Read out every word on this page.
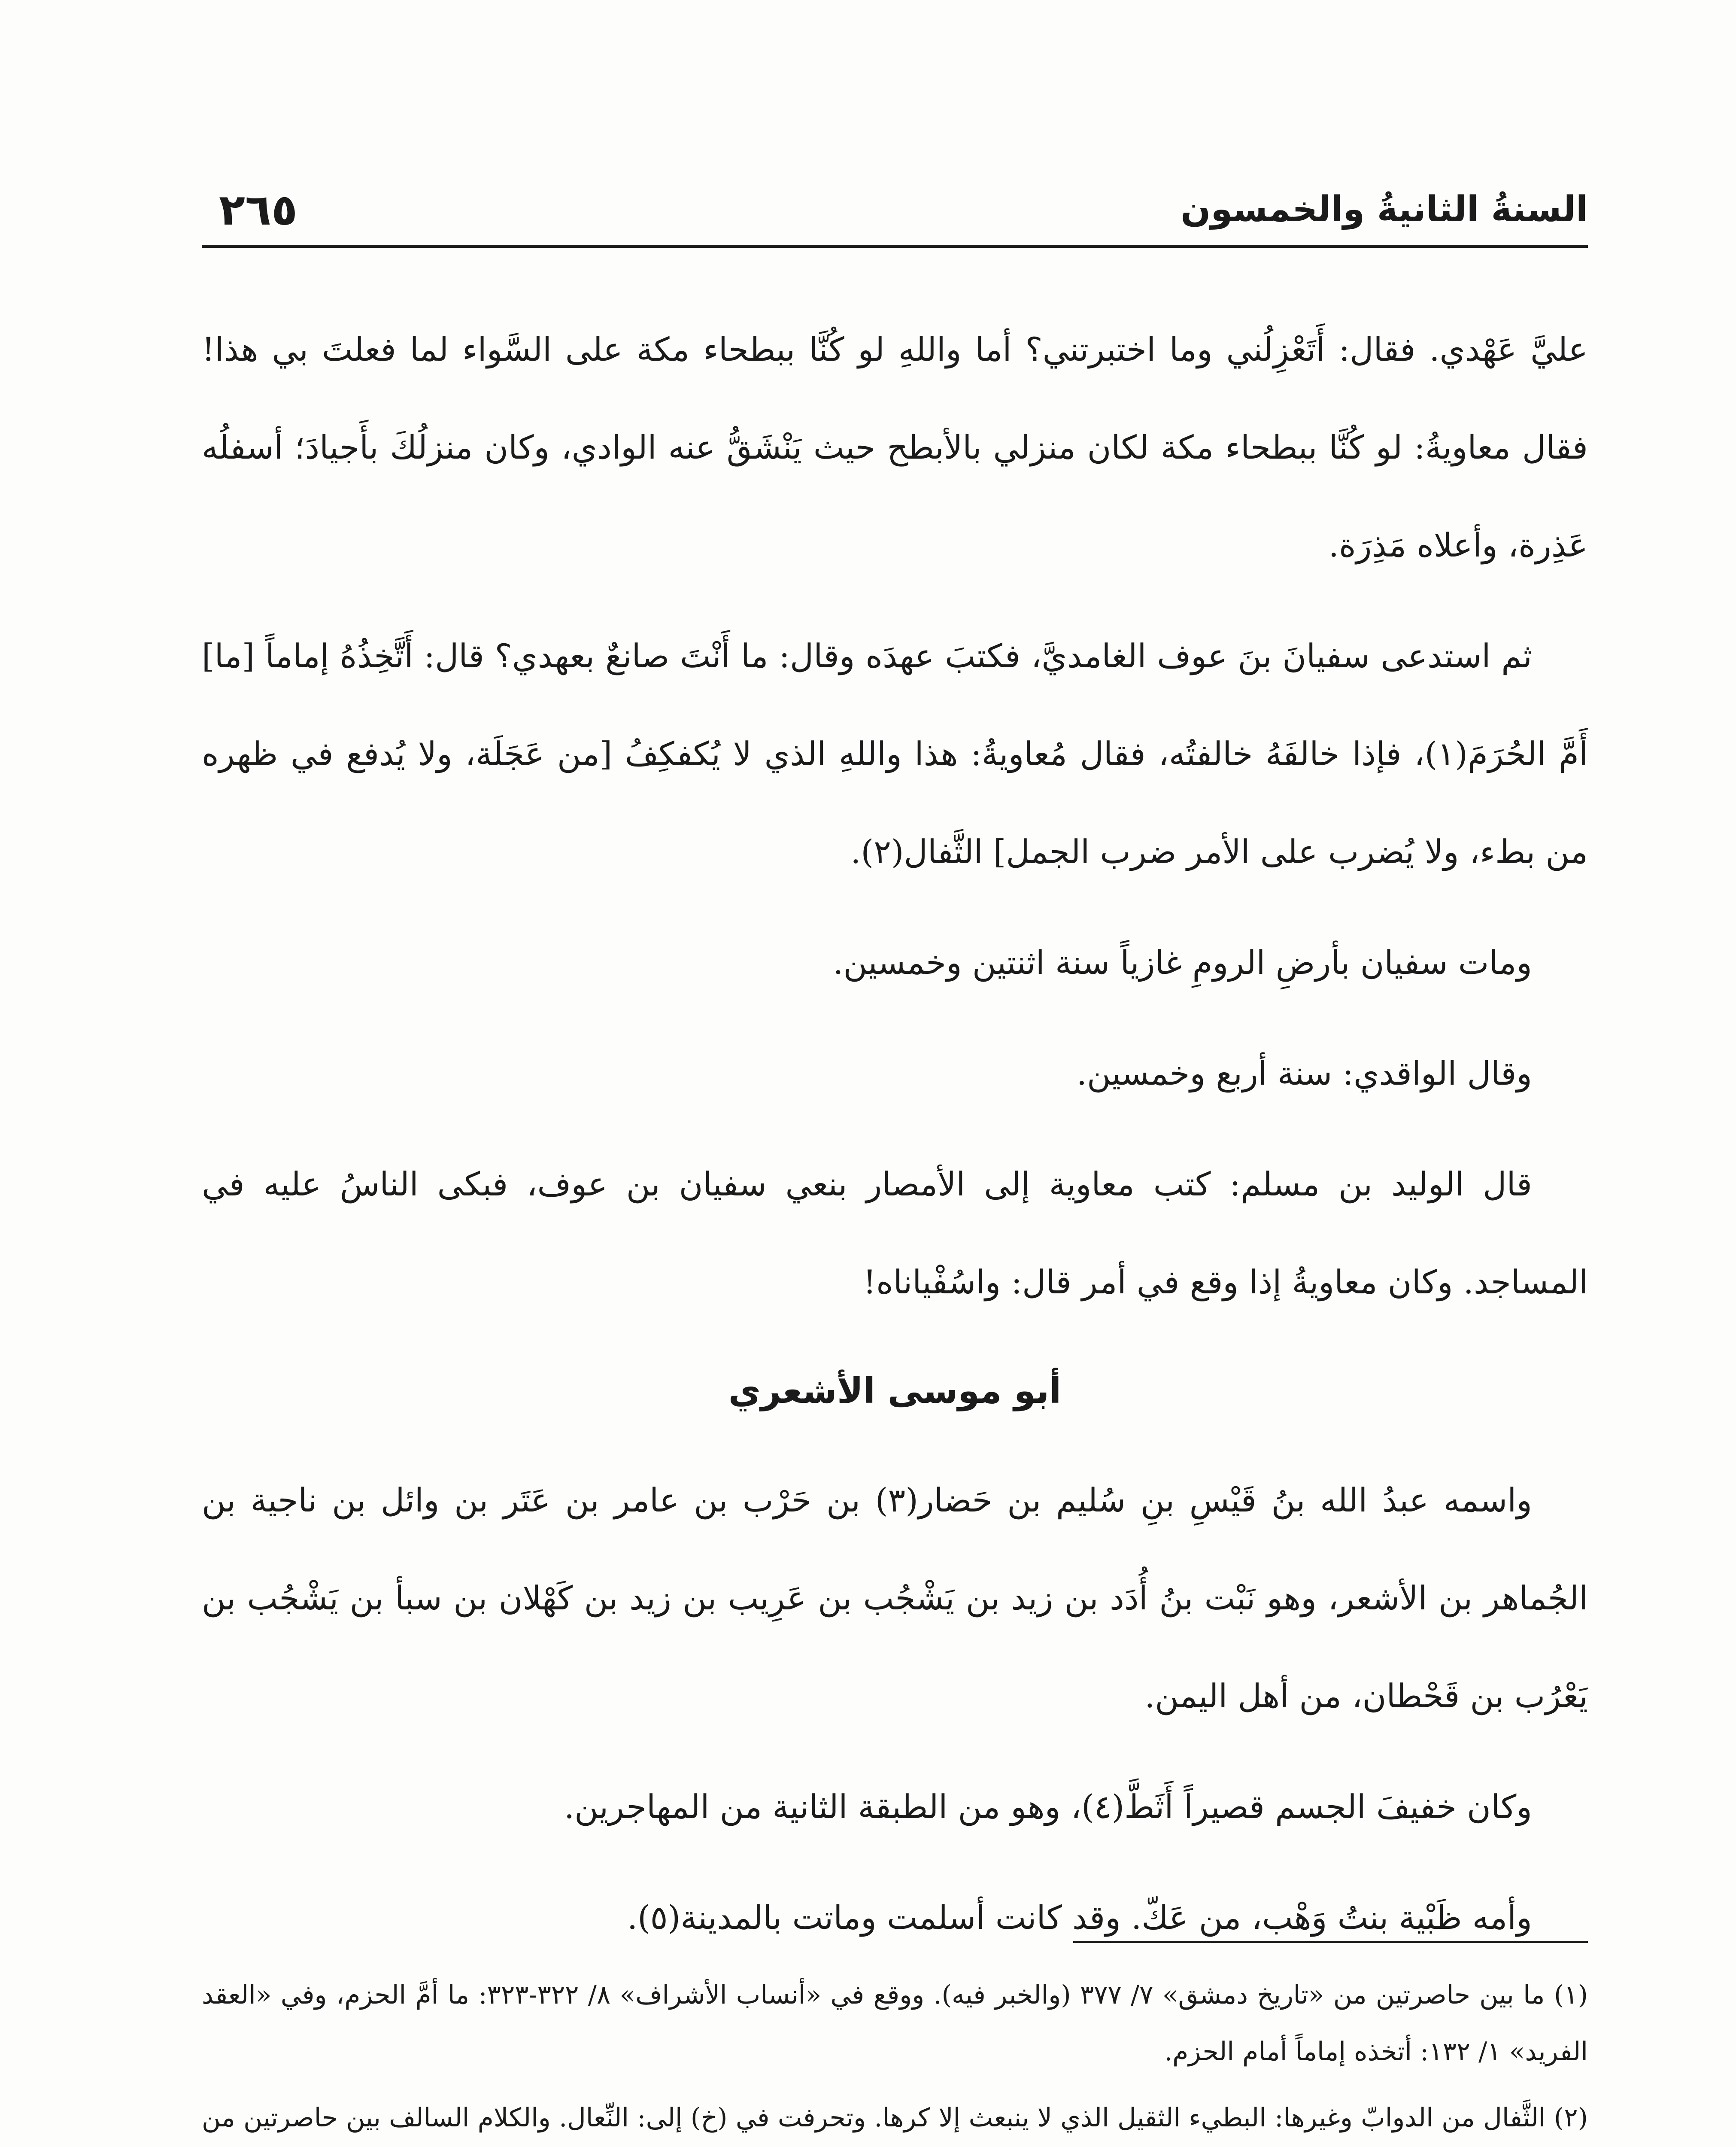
٢٦٥	السنةُ الثانيةُ والخمسون

عليَّ عَهْدي. فقال: أَتَعْزِلُني وما اختبرتني؟ أما واللهِ لو كُنَّا ببطحاء مكة على السَّواء لما فعلتَ بي هذا! فقال معاويةُ: لو كُنَّا ببطحاء مكة لكان منزلي بالأبطح حيث يَنْشَقُّ عنه الوادي، وكان منزلُكَ بأَجيادَ؛ أسفلُه عَذِرة، وأعلاه مَذِرَة.

ثم استدعى سفيانَ بنَ عوف الغامديَّ، فكتبَ عهدَه وقال: ما أَنْتَ صانعٌ بعهدي؟ قال: أَتَّخِذُهُ إماماً [ما] أَمَّ الحُرَمَ(١)، فإذا خالفَهُ خالفتُه، فقال مُعاويةُ: هذا واللهِ الذي لا يُكفكِفُ [من عَجَلَة، ولا يُدفع في ظهره من بطء، ولا يُضرب على الأمر ضرب الجمل] الثَّفال(٢).

ومات سفيان بأرضِ الرومِ غازياً سنة اثنتين وخمسين.

وقال الواقدي: سنة أربع وخمسين.

قال الوليد بن مسلم: كتب معاوية إلى الأمصار بنعي سفيان بن عوف، فبكى الناسُ عليه في المساجد. وكان معاويةُ إذا وقع في أمر قال: واسُفْياناه!

أبو موسى الأشعري

واسمه عبدُ الله بنُ قَيْسِ بنِ سُليم بن حَضار(٣) بن حَرْب بن عامر بن عَتَر بن وائل بن ناجية بن الجُماهر بن الأشعر، وهو نَبْت بنُ أُدَد بن زيد بن يَشْجُب بن عَرِيب بن زيد بن كَهْلان بن سبأ بن يَشْجُب بن يَعْرُب بن قَحْطان، من أهل اليمن.

وكان خفيفَ الجسم قصيراً أَثَطَّ(٤)، وهو من الطبقة الثانية من المهاجرين.

وأمه ظَبْية بنتُ وَهْب، من عَكّ. وقد كانت أسلمت وماتت بالمدينة(٥).

(١) ما بين حاصرتين من «تاريخ دمشق» ٧/ ٣٧٧ (والخبر فيه). ووقع في «أنساب الأشراف» ٨/ ٣٢٢-٣٢٣: ما أمَّ الحزم، وفي «العقد الفريد» ١/ ١٣٢: أتخذه إماماً أمام الحزم.
(٢) الثَّفال من الدوابّ وغيرها: البطيء الثقيل الذي لا ينبعث إلا كرها. وتحرفت في (خ) إلى: النِّعال. والكلام السالف بين حاصرتين من
